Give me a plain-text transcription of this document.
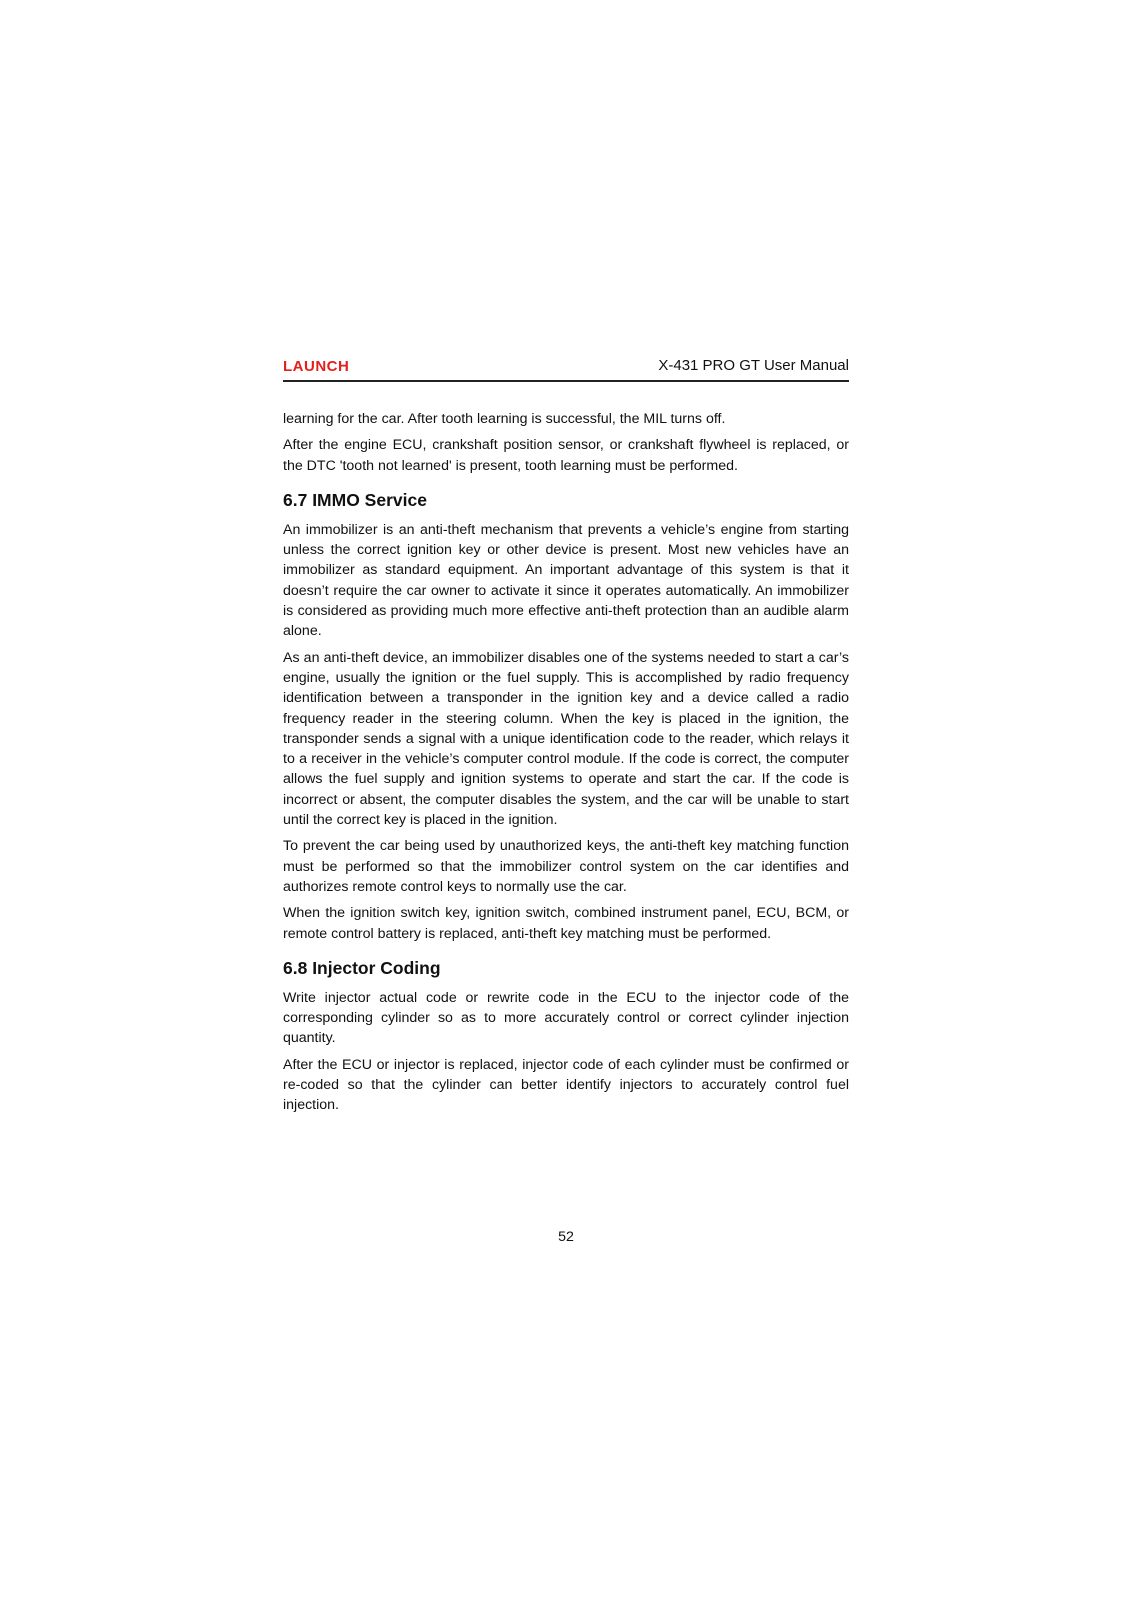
LAUNCH	X-431 PRO GT User Manual

learning for the car. After tooth learning is successful, the MIL turns off.

After the engine ECU, crankshaft position sensor, or crankshaft flywheel is replaced, or the DTC 'tooth not learned' is present, tooth learning must be performed.

6.7 IMMO Service

An immobilizer is an anti-theft mechanism that prevents a vehicle’s engine from starting unless the correct ignition key or other device is present. Most new vehicles have an immobilizer as standard equipment. An important advantage of this system is that it doesn’t require the car owner to activate it since it operates automatically. An immobilizer is considered as providing much more effective anti-theft protection than an audible alarm alone.

As an anti-theft device, an immobilizer disables one of the systems needed to start a car’s engine, usually the ignition or the fuel supply. This is accomplished by radio frequency identification between a transponder in the ignition key and a device called a radio frequency reader in the steering column. When the key is placed in the ignition, the transponder sends a signal with a unique identification code to the reader, which relays it to a receiver in the vehicle’s computer control module. If the code is correct, the computer allows the fuel supply and ignition systems to operate and start the car. If the code is incorrect or absent, the computer disables the system, and the car will be unable to start until the correct key is placed in the ignition.

To prevent the car being used by unauthorized keys, the anti-theft key matching function must be performed so that the immobilizer control system on the car identifies and authorizes remote control keys to normally use the car.

When the ignition switch key, ignition switch, combined instrument panel, ECU, BCM, or remote control battery is replaced, anti-theft key matching must be performed.

6.8 Injector Coding

Write injector actual code or rewrite code in the ECU to the injector code of the corresponding cylinder so as to more accurately control or correct cylinder injection quantity.

After the ECU or injector is replaced, injector code of each cylinder must be confirmed or re-coded so that the cylinder can better identify injectors to accurately control fuel injection.

52
